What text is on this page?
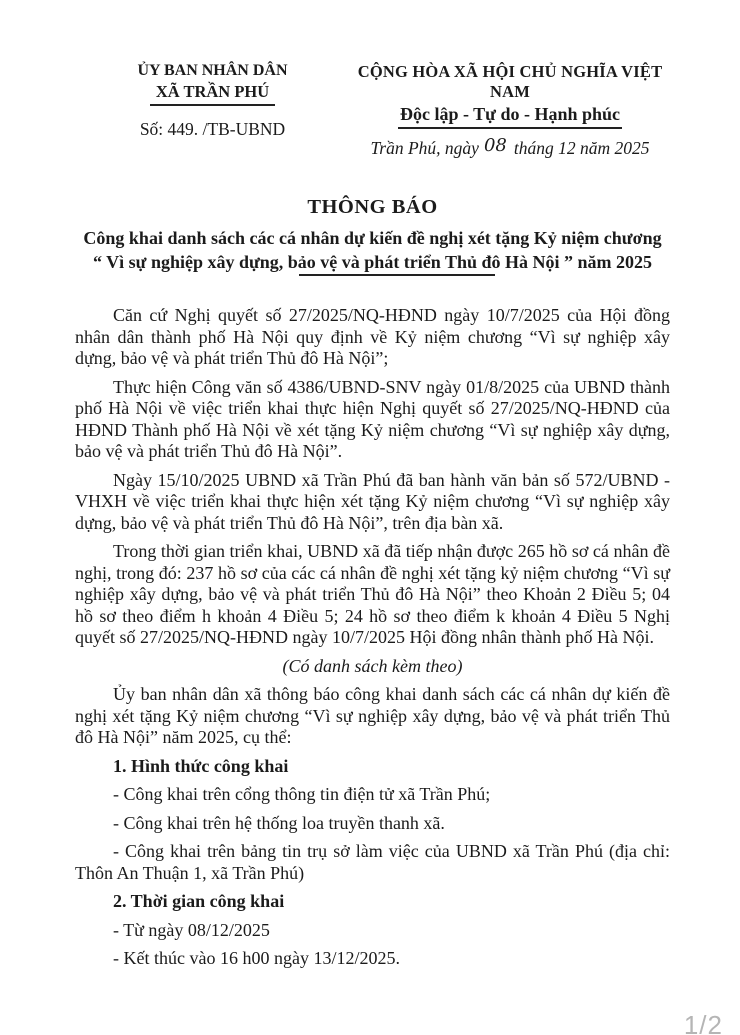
ỦY BAN NHÂN DÂN
XÃ TRẦN PHÚ
Số: 449. /TB-UBND
CỘNG HÒA XÃ HỘI CHỦ NGHĨA VIỆT NAM
Độc lập - Tự do - Hạnh phúc
Trần Phú, ngày 08 tháng 12 năm 2025
THÔNG BÁO
Công khai danh sách các cá nhân dự kiến đề nghị xét tặng Kỷ niệm chương
“ Vì sự nghiệp xây dựng, bảo vệ và phát triển Thủ đô Hà Nội ” năm 2025

Căn cứ Nghị quyết số 27/2025/NQ-HĐND ngày 10/7/2025 của Hội đồng nhân dân thành phố Hà Nội quy định về Kỷ niệm chương “Vì sự nghiệp xây dựng, bảo vệ và phát triển Thủ đô Hà Nội”;

Thực hiện Công văn số 4386/UBND-SNV ngày 01/8/2025 của UBND thành phố Hà Nội về việc triển khai thực hiện Nghị quyết số 27/2025/NQ-HĐND của HĐND Thành phố Hà Nội về xét tặng Kỷ niệm chương “Vì sự nghiệp xây dựng, bảo vệ và phát triển Thủ đô Hà Nội”.

Ngày 15/10/2025 UBND xã Trần Phú đã ban hành văn bản số 572/UBND -VHXH về việc triển khai thực hiện xét tặng Kỷ niệm chương “Vì sự nghiệp xây dựng, bảo vệ và phát triển Thủ đô Hà Nội”, trên địa bàn xã.

Trong thời gian triển khai, UBND xã đã tiếp nhận được 265 hồ sơ cá nhân đề nghị, trong đó: 237 hồ sơ của các cá nhân đề nghị xét tặng kỷ niệm chương “Vì sự nghiệp xây dựng, bảo vệ và phát triển Thủ đô Hà Nội” theo Khoản 2 Điều 5; 04 hồ sơ theo điểm h khoản 4 Điều 5; 24 hồ sơ theo điểm k khoản 4 Điều 5 Nghị quyết số 27/2025/NQ-HĐND ngày 10/7/2025 Hội đồng nhân thành phố Hà Nội.

(Có danh sách kèm theo)

Ủy ban nhân dân xã thông báo công khai danh sách các cá nhân dự kiến đề nghị xét tặng Kỷ niệm chương “Vì sự nghiệp xây dựng, bảo vệ và phát triển Thủ đô Hà Nội” năm 2025, cụ thể:

1. Hình thức công khai

- Công khai trên cổng thông tin điện tử xã Trần Phú;

- Công khai trên hệ thống loa truyền thanh xã.

- Công khai trên bảng tin trụ sở làm việc của UBND xã Trần Phú (địa chỉ: Thôn An Thuận 1, xã Trần Phú)

2. Thời gian công khai

- Từ ngày 08/12/2025

- Kết thúc vào 16 h00 ngày 13/12/2025.

1/2
